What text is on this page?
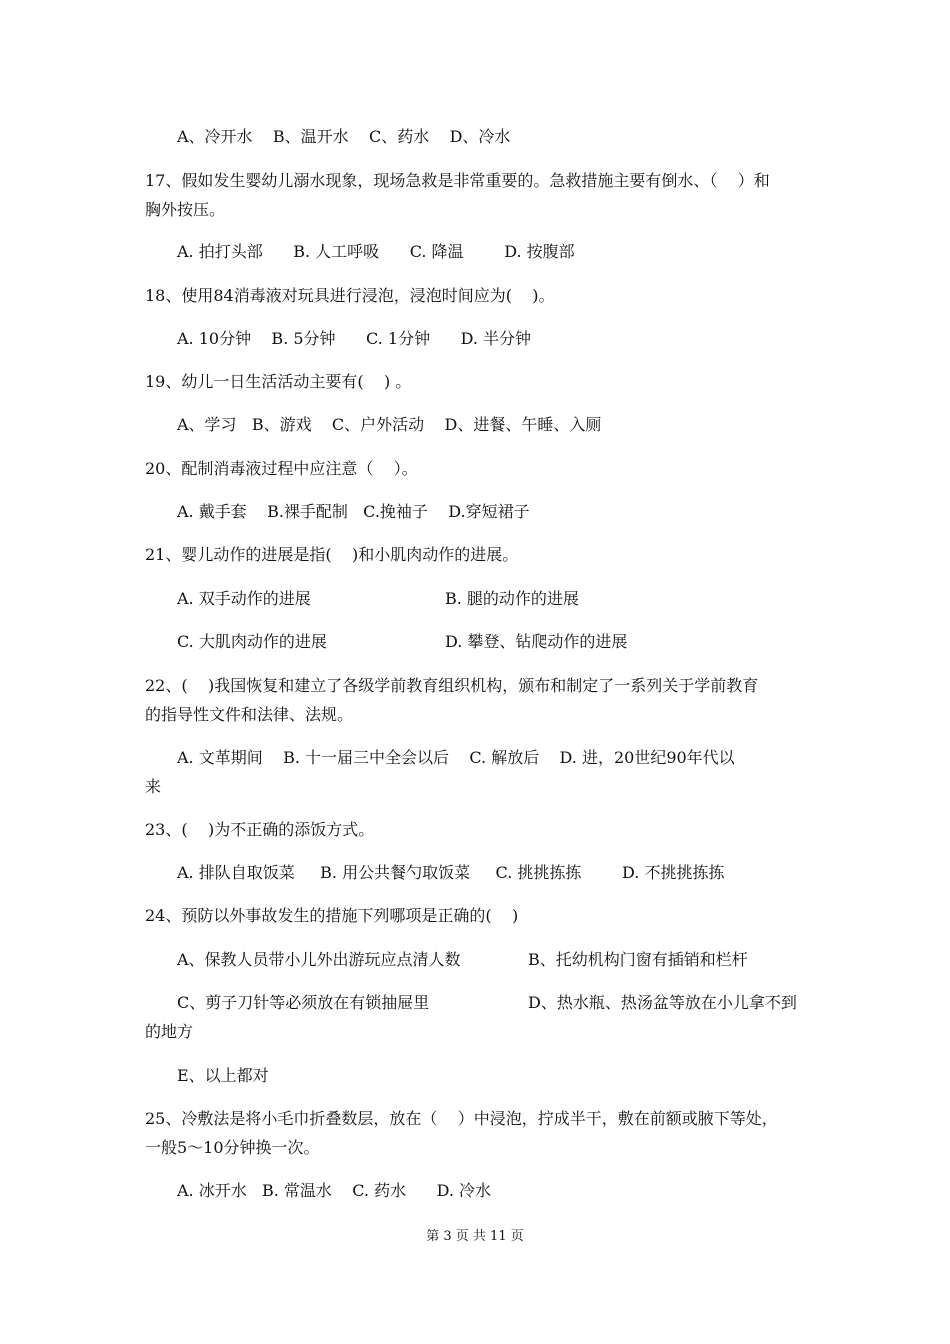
A、冷开水    B、温开水    C、药水    D、冷水
17、假如发生婴幼儿溺水现象，现场急救是非常重要的。急救措施主要有倒水、（    ）和
胸外按压。
A. 拍打头部      B. 人工呼吸      C. 降温        D. 按腹部
18、使用84消毒液对玩具进行浸泡，浸泡时间应为(    )。
A. 10分钟    B. 5分钟      C. 1分钟      D. 半分钟
19、幼儿一日生活活动主要有(    ) 。
A、学习   B、游戏    C、户外活动    D、进餐、午睡、入厕
20、配制消毒液过程中应注意（    ）。
A. 戴手套    B.裸手配制   C.挽袖子    D.穿短裙子
21、婴儿动作的进展是指(    )和小肌肉动作的进展。
A. 双手动作的进展	B. 腿的动作的进展
C. 大肌肉动作的进展	D. 攀登、钻爬动作的进展
22、(    )我国恢复和建立了各级学前教育组织机构，颁布和制定了一系列关于学前教育
的指导性文件和法律、法规。
A. 文革期间    B. 十一届三中全会以后    C. 解放后    D. 进，20世纪90年代以
来
23、(    )为不正确的添饭方式。
A. 排队自取饭菜     B. 用公共餐勺取饭菜     C. 挑挑拣拣        D. 不挑挑拣拣
24、预防以外事故发生的措施下列哪项是正确的(    )
A、保教人员带小儿外出游玩应点清人数	B、托幼机构门窗有插销和栏杆
C、剪子刀针等必须放在有锁抽屉里	D、热水瓶、热汤盆等放在小儿拿不到
的地方
E、以上都对
25、冷敷法是将小毛巾折叠数层，放在（    ）中浸泡，拧成半干，敷在前额或腋下等处，
一般5～10分钟换一次。
A. 冰开水   B. 常温水    C. 药水      D. 冷水
第 3 页 共 11 页
